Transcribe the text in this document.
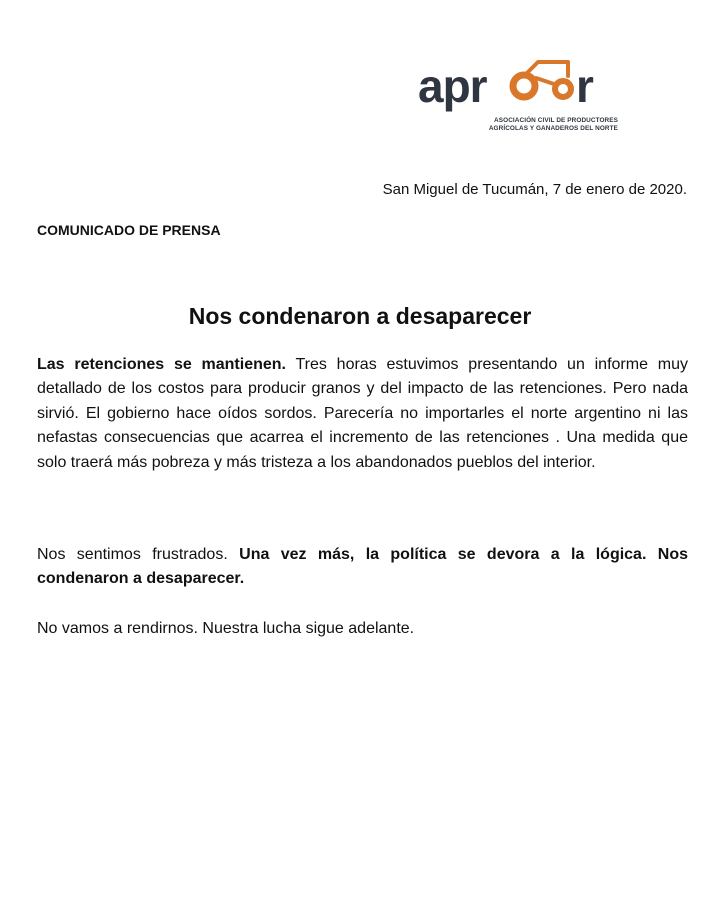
apr r
ASOCIACIÓN CIVIL DE PRODUCTORES
AGRÍCOLAS Y GANADEROS DEL NORTE
San Miguel de Tucumán, 7 de enero de 2020.
COMUNICADO DE PRENSA
Nos condenaron a desaparecer

Las retenciones se mantienen. Tres horas estuvimos presentando un informe muy detallado de los costos para producir granos y del impacto de las retenciones. Pero nada sirvió. El gobierno hace oídos sordos. Parecería no importarles el norte argentino ni las nefastas consecuencias que acarrea el incremento de las retenciones . Una medida que solo traerá más pobreza y más tristeza a los abandonados pueblos del interior.

Nos sentimos frustrados. Una vez más, la política se devora a la lógica. Nos condenaron a desaparecer.

No vamos a rendirnos. Nuestra lucha sigue adelante.
